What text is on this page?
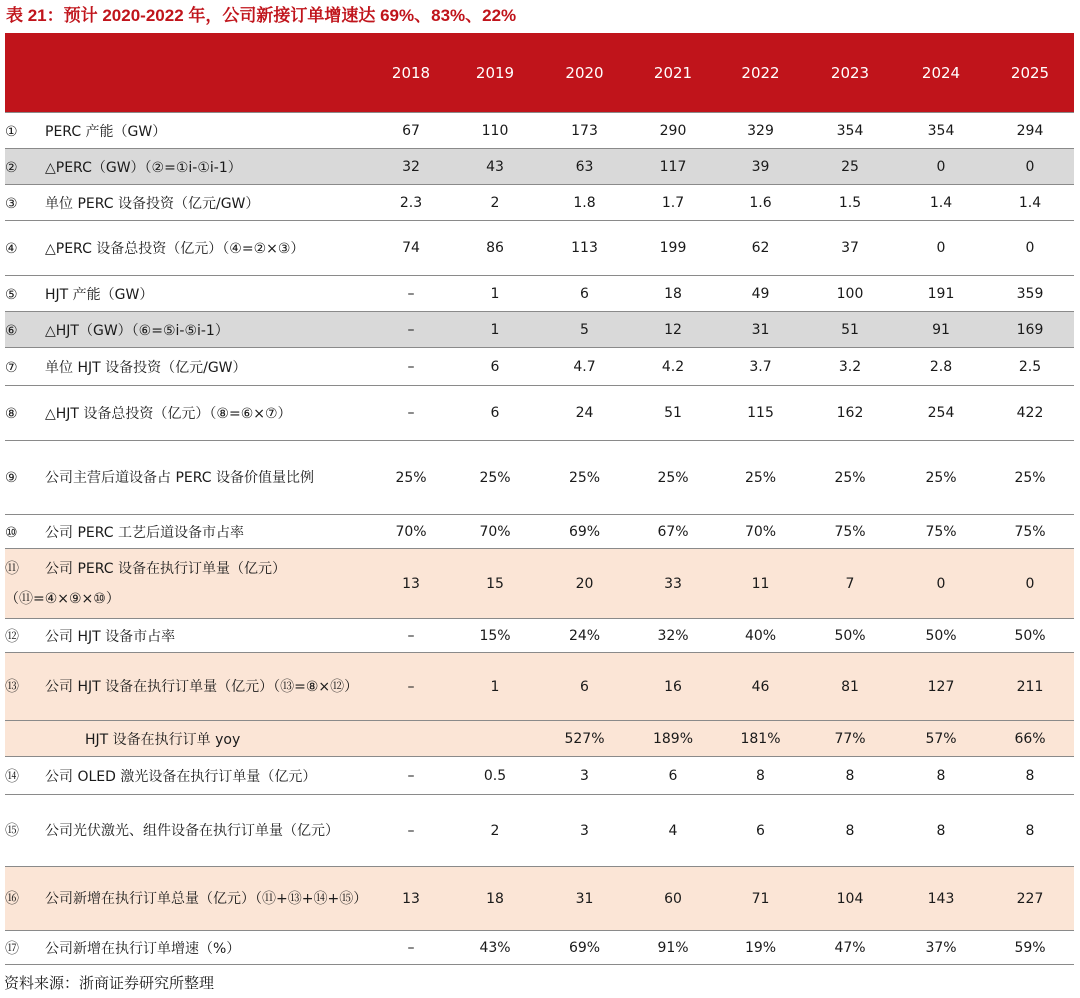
表 21：预计 2020-2022 年，公司新接订单增速达 69%、83%、22%
	2018	2019	2020	2021	2022	2023	2024	2025
① PERC 产能（GW）	67	110	173	290	329	354	354	294
② △PERC（GW）（②=①i-①i-1）	32	43	63	117	39	25	0	0
③ 单位 PERC 设备投资（亿元/GW）	2.3	2	1.8	1.7	1.6	1.5	1.4	1.4
④ △PERC 设备总投资（亿元）（④=②×③）	74	86	113	199	62	37	0	0
⑤ HJT 产能（GW）	–	1	6	18	49	100	191	359
⑥ △HJT（GW）（⑥=⑤i-⑤i-1）	–	1	5	12	31	51	91	169
⑦ 单位 HJT 设备投资（亿元/GW）	–	6	4.7	4.2	3.7	3.2	2.8	2.5
⑧ △HJT 设备总投资（亿元）（⑧=⑥×⑦）	–	6	24	51	115	162	254	422
⑨ 公司主营后道设备占 PERC 设备价值量比例	25%	25%	25%	25%	25%	25%	25%	25%
⑩ 公司 PERC 工艺后道设备市占率	70%	70%	69%	67%	70%	75%	75%	75%
⑪ 公司 PERC 设备在执行订单量（亿元）（⑪=④×⑨×⑩）	13	15	20	33	11	7	0	0
⑫ 公司 HJT 设备市占率	–	15%	24%	32%	40%	50%	50%	50%
⑬ 公司 HJT 设备在执行订单量（亿元）（⑬=⑧×⑫）	–	1	6	16	46	81	127	211
HJT 设备在执行订单 yoy			527%	189%	181%	77%	57%	66%
⑭ 公司 OLED 激光设备在执行订单量（亿元）	–	0.5	3	6	8	8	8	8
⑮ 公司光伏激光、组件设备在执行订单量（亿元）	–	2	3	4	6	8	8	8
⑯ 公司新增在执行订单总量（亿元）（⑪+⑬+⑭+⑮）	13	18	31	60	71	104	143	227
⑰ 公司新增在执行订单增速（%）	–	43%	69%	91%	19%	47%	37%	59%
资料来源：浙商证券研究所整理
